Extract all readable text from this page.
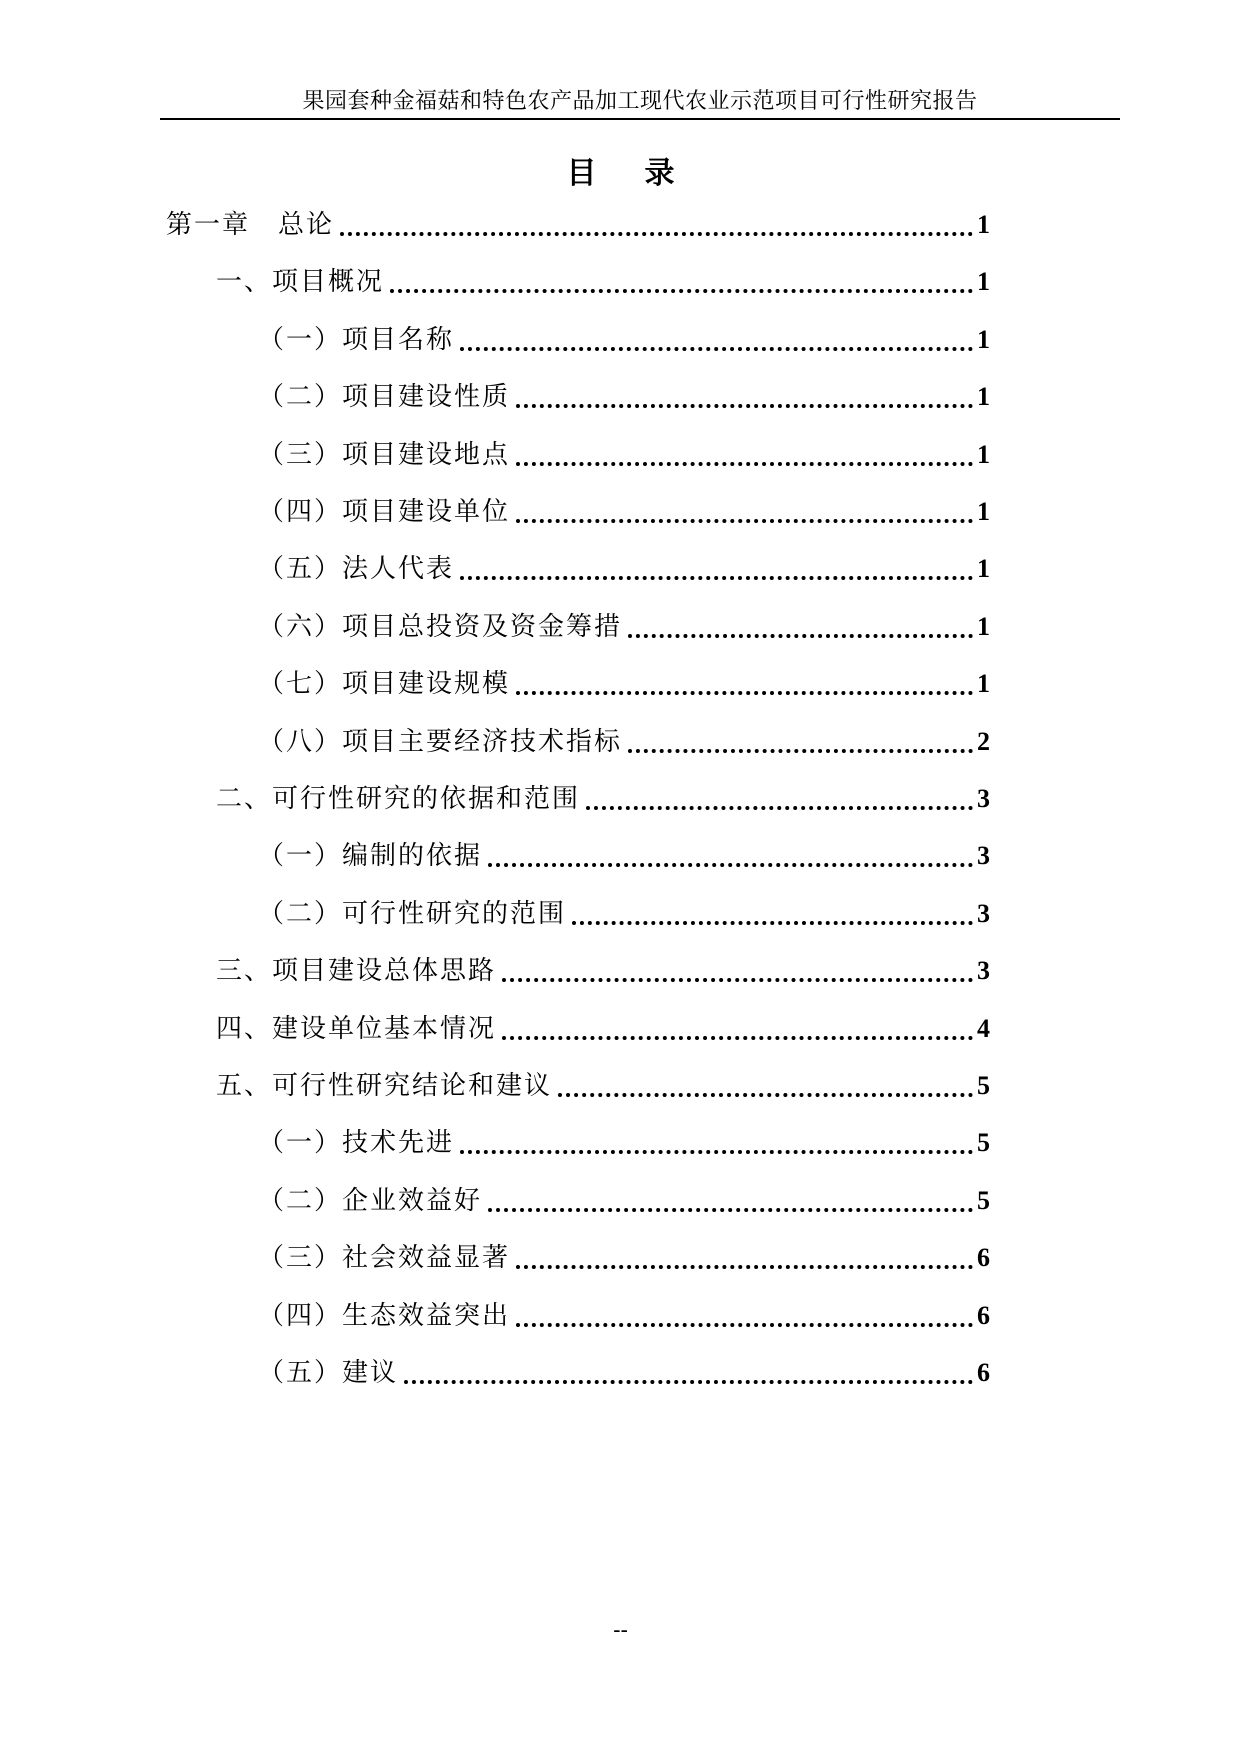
果园套种金福菇和特色农产品加工现代农业示范项目可行性研究报告
目录
第一章　总论	1
一、项目概况	1
（一）项目名称	1
（二）项目建设性质	1
（三）项目建设地点	1
（四）项目建设单位	1
（五）法人代表	1
（六）项目总投资及资金筹措	1
（七）项目建设规模	1
（八）项目主要经济技术指标	2
二、可行性研究的依据和范围	3
（一）编制的依据	3
（二）可行性研究的范围	3
三、项目建设总体思路	3
四、建设单位基本情况	4
五、可行性研究结论和建议	5
（一）技术先进	5
（二）企业效益好	5
（三）社会效益显著	6
（四）生态效益突出	6
（五）建议	6
--
